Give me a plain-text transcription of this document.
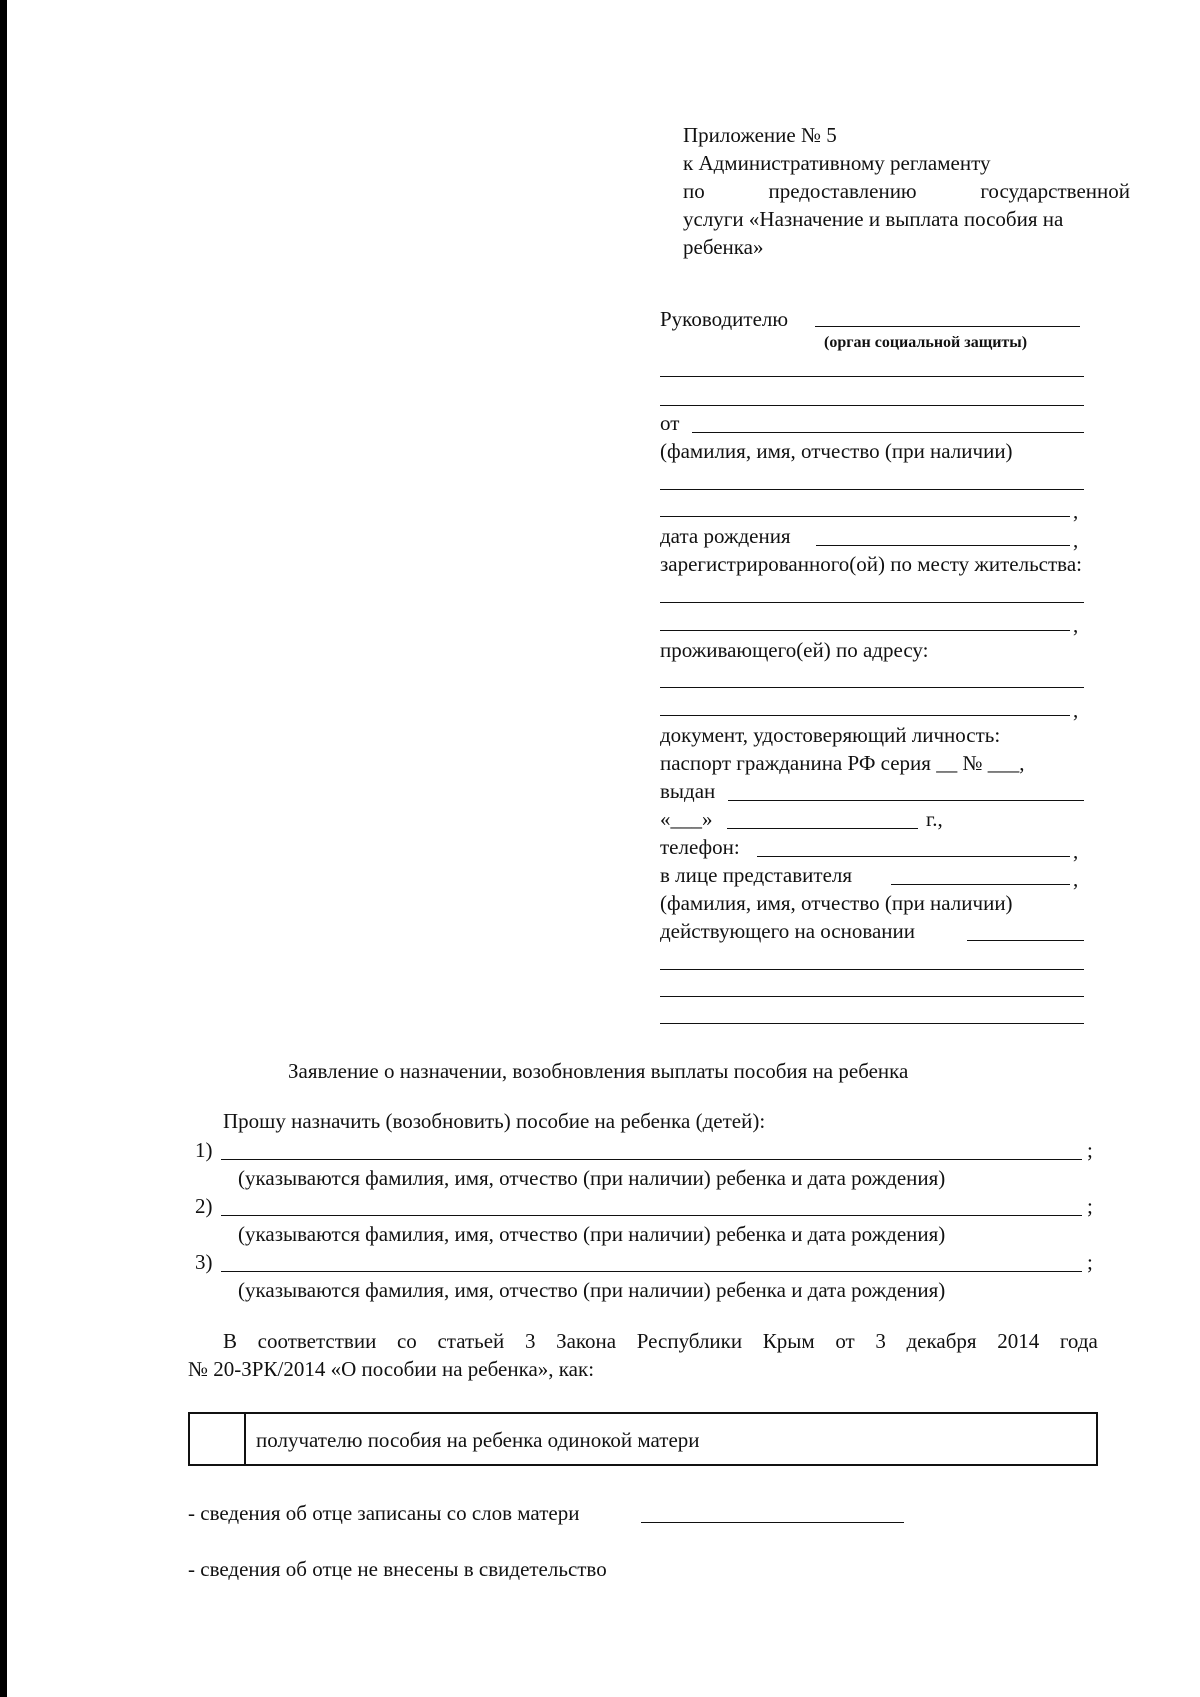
Приложение № 5
к Административному регламенту
по	предоставлению	государственной
услуги «Назначение и выплата пособия на
ребенка»
Руководителю
(орган социальной защиты)
от
(фамилия, имя, отчество (при наличии)
,
дата рождения	,
зарегистрированного(ой) по месту жительства:
,
проживающего(ей) по адресу:
,
документ, удостоверяющий личность:
паспорт гражданина РФ серия __ № ___,
выдан
«___»	г.,
телефон:	,
в лице представителя	,
(фамилия, имя, отчество (при наличии)
действующего на основании
Заявление о назначении, возобновления выплаты пособия на ребенка
Прошу назначить (возобновить) пособие на ребенка (детей):
1)	;
(указываются фамилия, имя, отчество (при наличии) ребенка и дата рождения)
2)	;
(указываются фамилия, имя, отчество (при наличии) ребенка и дата рождения)
3)	;
(указываются фамилия, имя, отчество (при наличии) ребенка и дата рождения)
В соответствии со статьей 3 Закона Республики Крым от 3 декабря 2014 года
№ 20-ЗРК/2014 «О пособии на ребенка», как:
получателю пособия на ребенка одинокой матери
- сведения об отце записаны со слов матери
- сведения об отце не внесены в свидетельство
